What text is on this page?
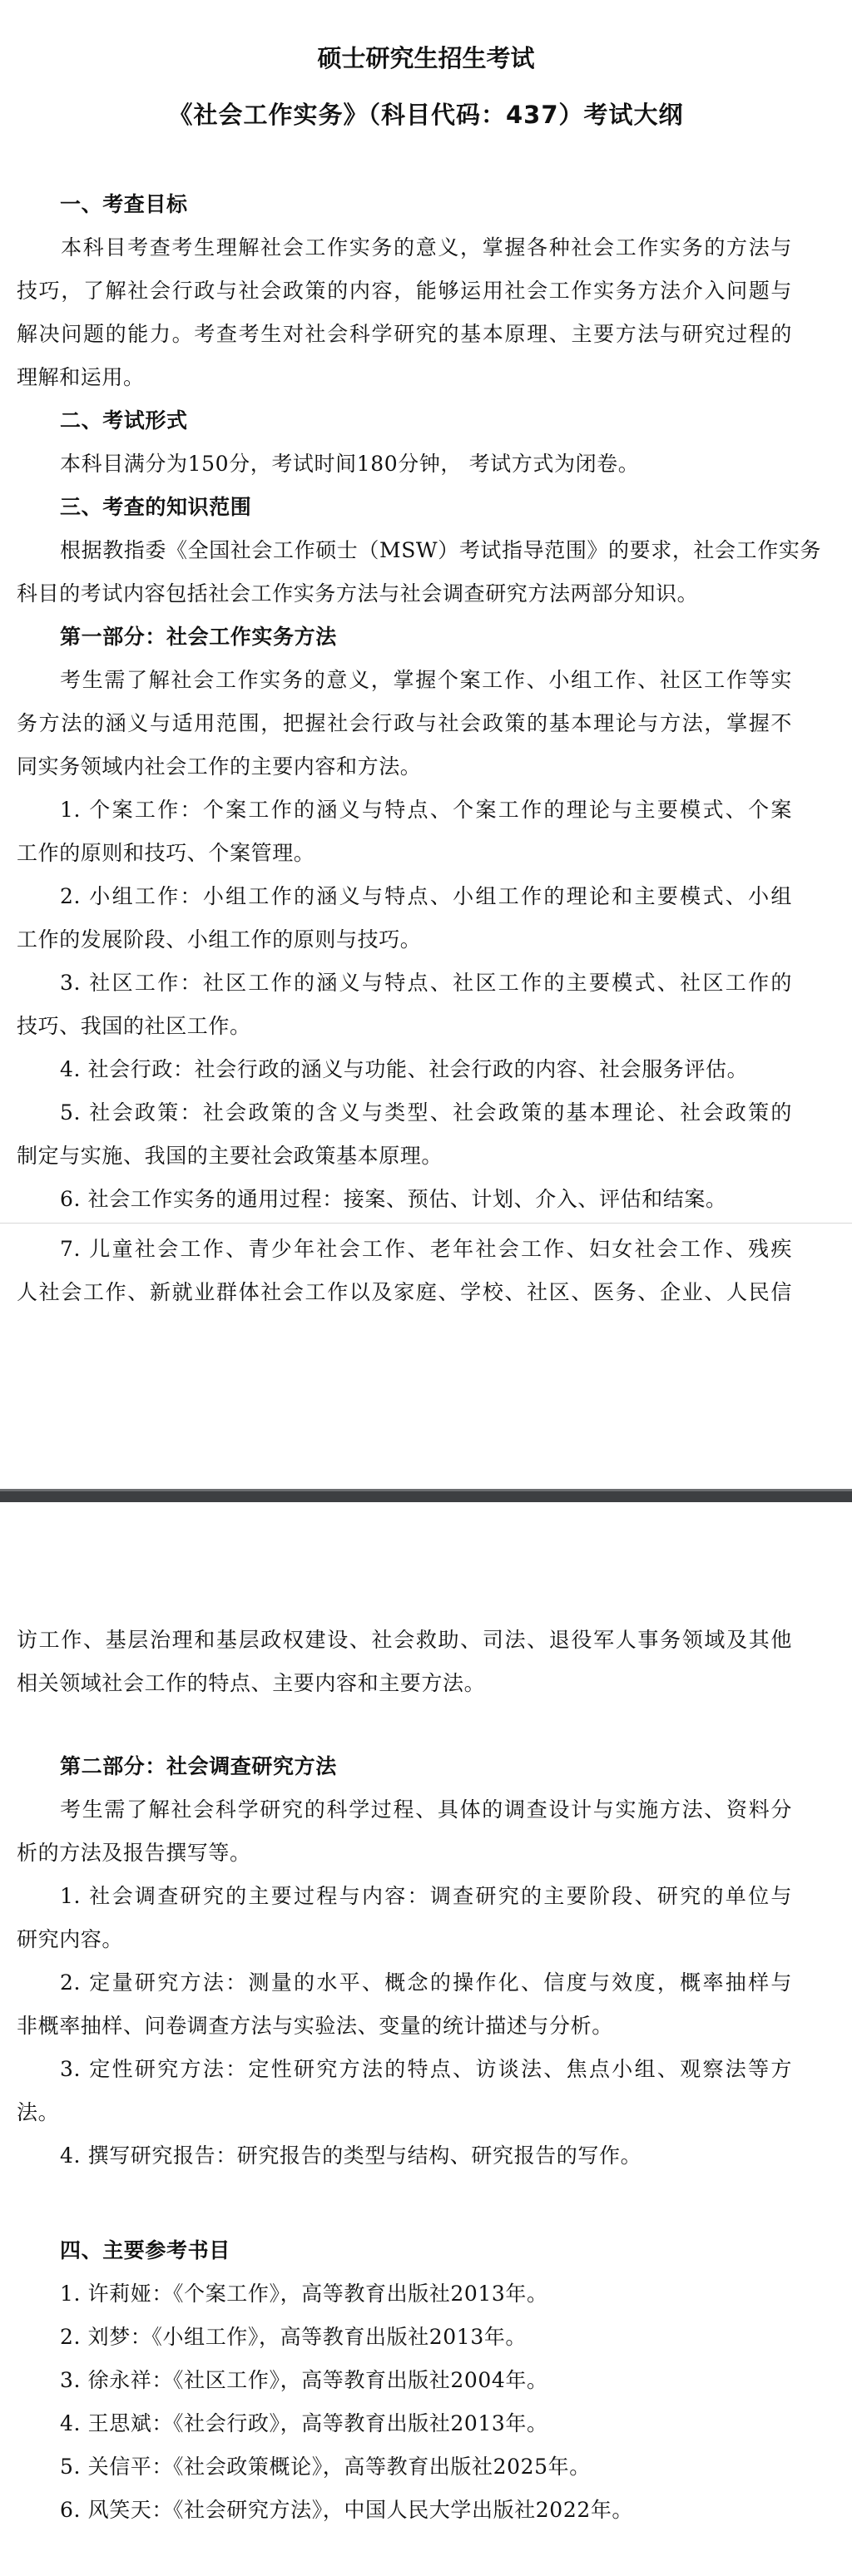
硕士研究生招生考试
《社会工作实务》（科目代码：437）考试大纲
一、考查目标
本科目考查考生理解社会工作实务的意义，掌握各种社会工作实务的方法与
技巧，了解社会行政与社会政策的内容，能够运用社会工作实务方法介入问题与
解决问题的能力。考查考生对社会科学研究的基本原理、主要方法与研究过程的
理解和运用。
二、考试形式
本科目满分为150分，考试时间180分钟， 考试方式为闭卷。
三、考查的知识范围
根据教指委《全国社会工作硕士（MSW）考试指导范围》的要求，社会工作实务
科目的考试内容包括社会工作实务方法与社会调查研究方法两部分知识。
第一部分：社会工作实务方法
考生需了解社会工作实务的意义，掌握个案工作、小组工作、社区工作等实
务方法的涵义与适用范围，把握社会行政与社会政策的基本理论与方法，掌握不
同实务领域内社会工作的主要内容和方法。
1. 个案工作：个案工作的涵义与特点、个案工作的理论与主要模式、个案
工作的原则和技巧、个案管理。
2. 小组工作：小组工作的涵义与特点、小组工作的理论和主要模式、小组
工作的发展阶段、小组工作的原则与技巧。
3. 社区工作：社区工作的涵义与特点、社区工作的主要模式、社区工作的
技巧、我国的社区工作。
4. 社会行政：社会行政的涵义与功能、社会行政的内容、社会服务评估。
5. 社会政策：社会政策的含义与类型、社会政策的基本理论、社会政策的
制定与实施、我国的主要社会政策基本原理。
6. 社会工作实务的通用过程：接案、预估、计划、介入、评估和结案。
7. 儿童社会工作、青少年社会工作、老年社会工作、妇女社会工作、残疾
人社会工作、新就业群体社会工作以及家庭、学校、社区、医务、企业、人民信
访工作、基层治理和基层政权建设、社会救助、司法、退役军人事务领域及其他
相关领域社会工作的特点、主要内容和主要方法。
第二部分：社会调查研究方法
考生需了解社会科学研究的科学过程、具体的调查设计与实施方法、资料分
析的方法及报告撰写等。
1. 社会调查研究的主要过程与内容：调查研究的主要阶段、研究的单位与
研究内容。
2. 定量研究方法：测量的水平、概念的操作化、信度与效度，概率抽样与
非概率抽样、问卷调查方法与实验法、变量的统计描述与分析。
3. 定性研究方法：定性研究方法的特点、访谈法、焦点小组、观察法等方
法。
4. 撰写研究报告：研究报告的类型与结构、研究报告的写作。
四、主要参考书目
1. 许莉娅：《个案工作》，高等教育出版社2013年。
2. 刘梦：《小组工作》，高等教育出版社2013年。
3. 徐永祥：《社区工作》，高等教育出版社2004年。
4. 王思斌：《社会行政》，高等教育出版社2013年。
5. 关信平：《社会政策概论》，高等教育出版社2025年。
6. 风笑天：《社会研究方法》，中国人民大学出版社2022年。
